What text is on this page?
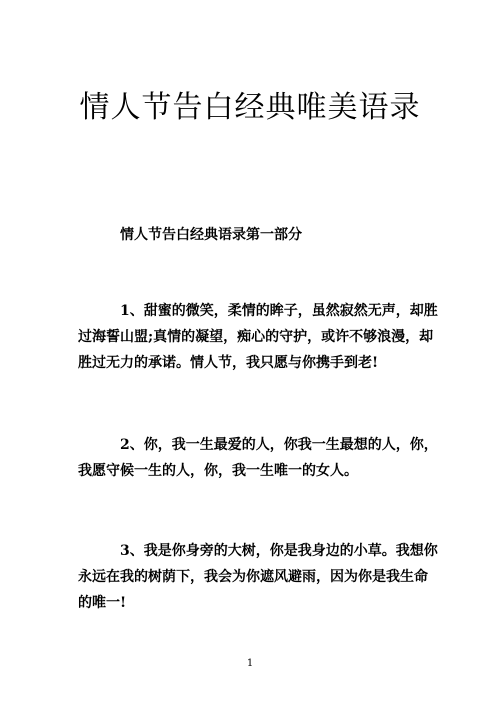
情人节告白经典唯美语录
情人节告白经典语录第一部分
1、甜蜜的微笑，柔情的眸子，虽然寂然无声，却胜
过海誓山盟;真情的凝望，痴心的守护，或许不够浪漫，却
胜过无力的承诺。情人节，我只愿与你携手到老!
2、你，我一生最爱的人，你我一生最想的人，你，
我愿守候一生的人，你，我一生唯一的女人。
3、我是你身旁的大树，你是我身边的小草。我想你
永远在我的树荫下，我会为你遮风避雨，因为你是我生命
的唯一!
1
